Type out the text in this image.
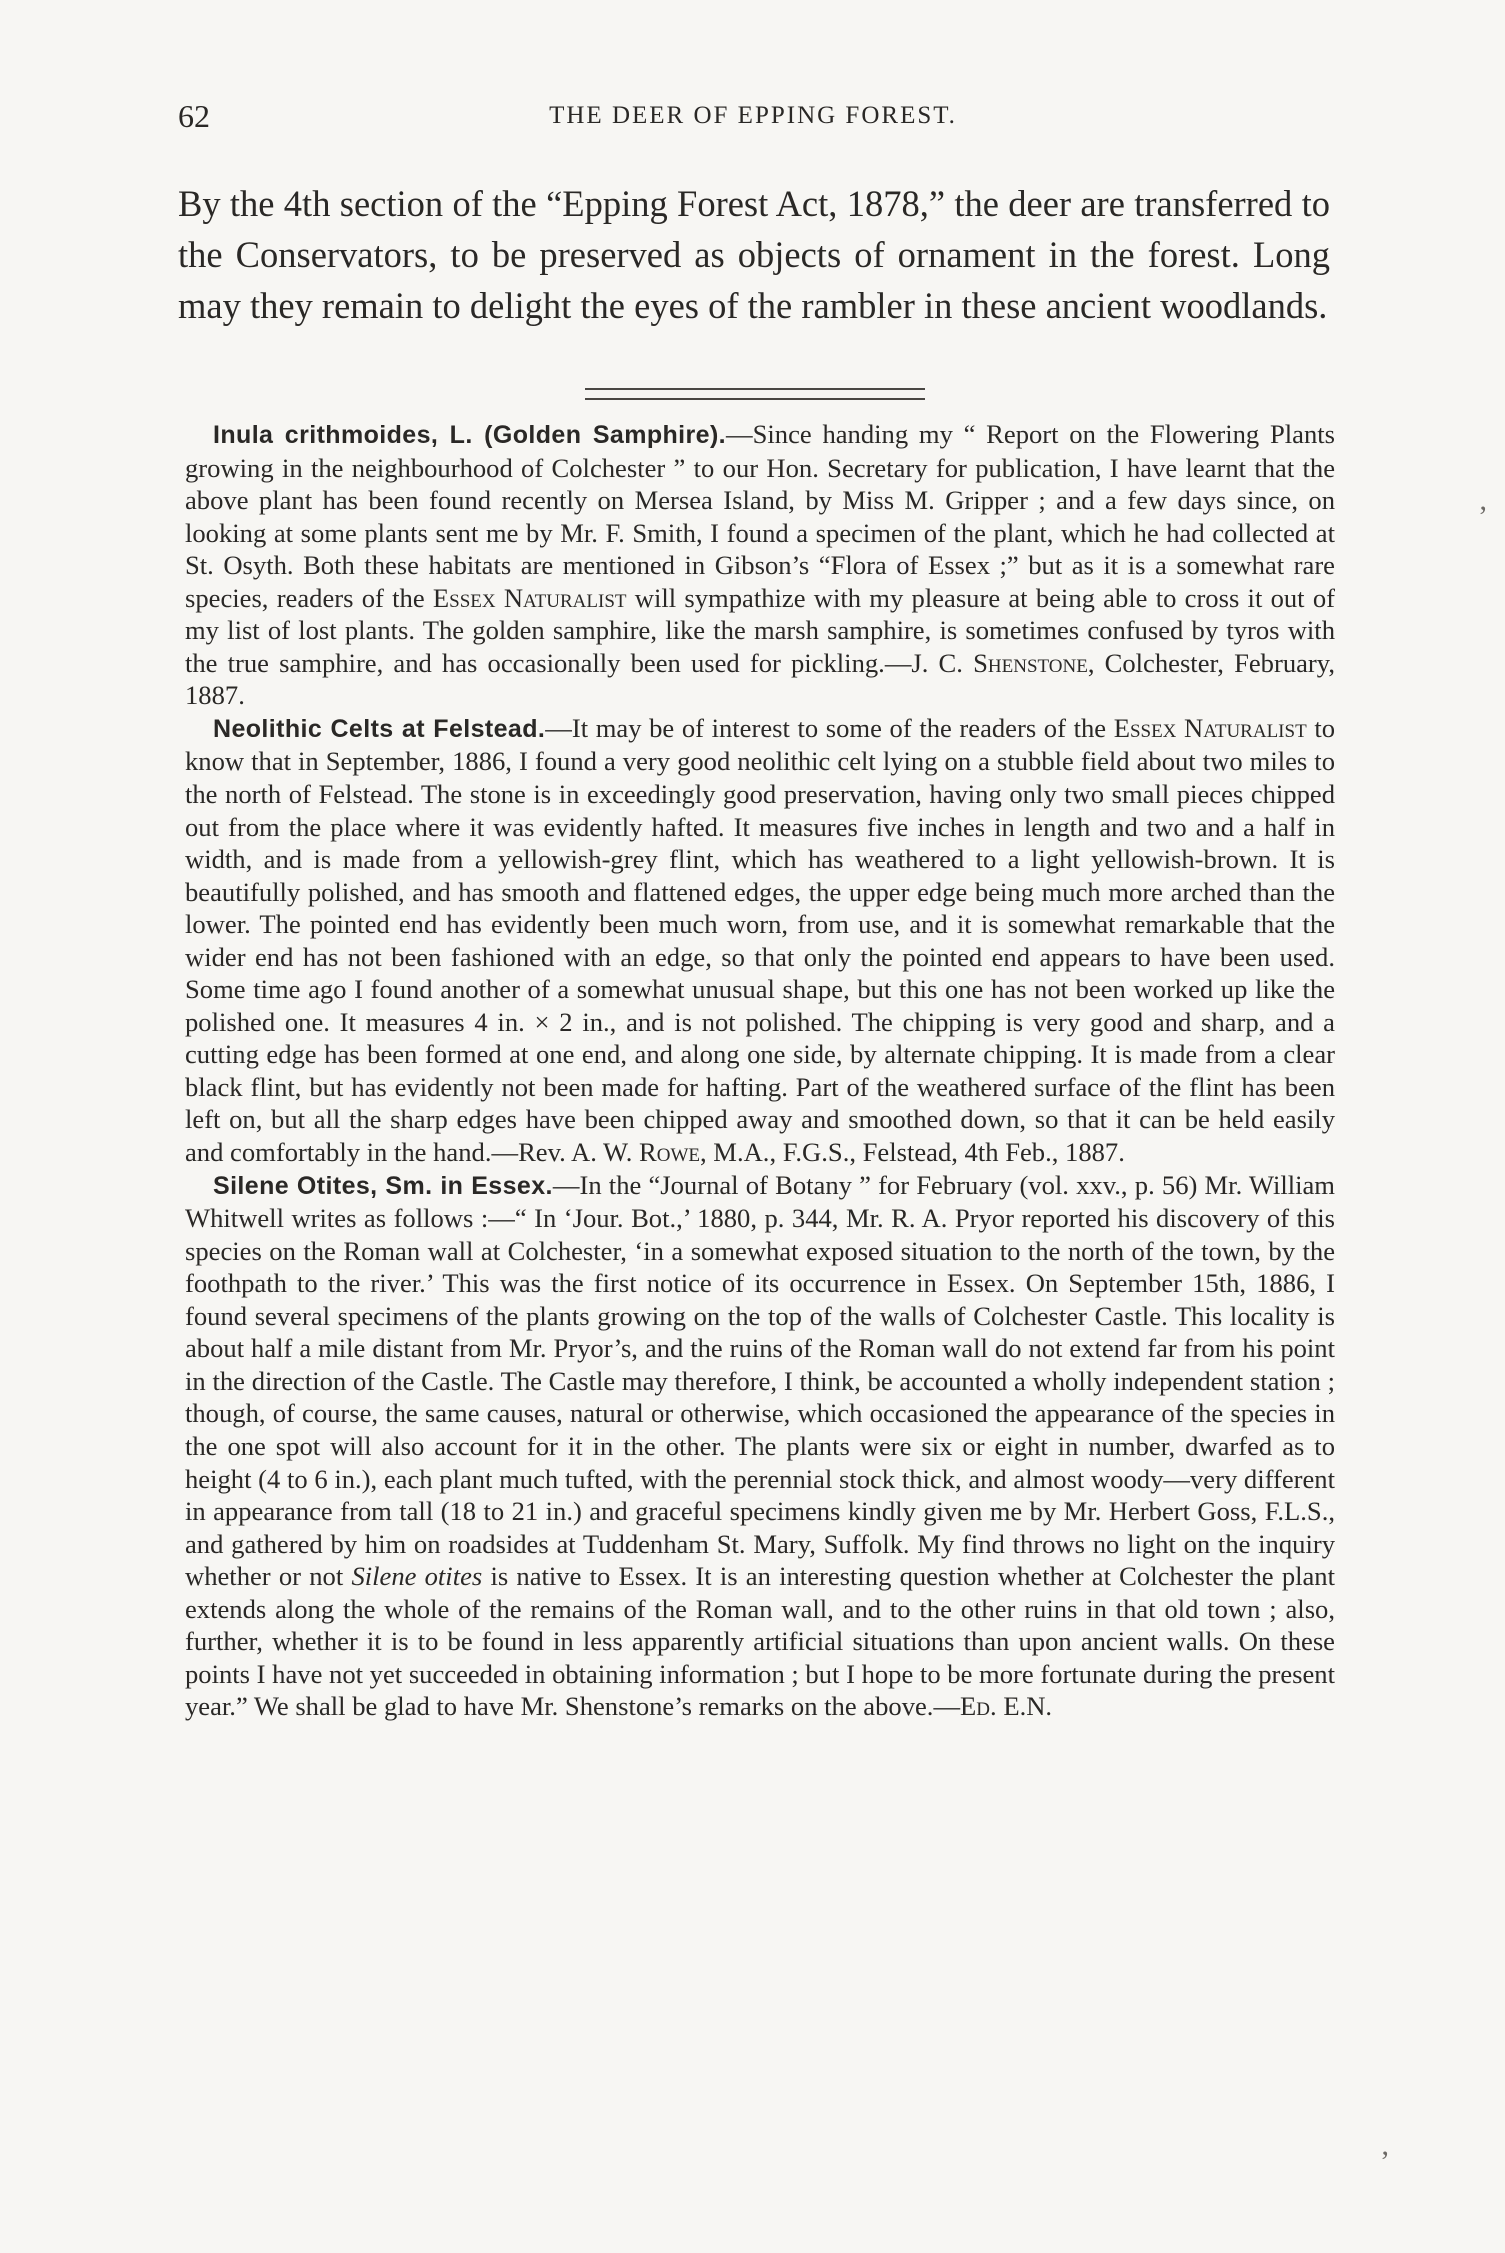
62	THE DEER OF EPPING FOREST.

By the 4th section of the “Epping Forest Act, 1878,” the deer are transferred to the Conservators, to be preserved as objects of ornament in the forest. Long may they remain to delight the eyes of the rambler in these ancient woodlands.

Inula crithmoides, L. (Golden Samphire).—Since handing my “ Report on the Flowering Plants growing in the neighbourhood of Colchester ” to our Hon. Secretary for publication, I have learnt that the above plant has been found recently on Mersea Island, by Miss M. Gripper ; and a few days since, on looking at some plants sent me by Mr. F. Smith, I found a specimen of the plant, which he had collected at St. Osyth. Both these habitats are mentioned in Gibson’s “Flora of Essex ;” but as it is a somewhat rare species, readers of the Essex Naturalist will sympathize with my pleasure at being able to cross it out of my list of lost plants. The golden samphire, like the marsh samphire, is sometimes confused by tyros with the true samphire, and has occasionally been used for pickling.—J. C. Shenstone, Colchester, February, 1887.

Neolithic Celts at Felstead.—It may be of interest to some of the readers of the Essex Naturalist to know that in September, 1886, I found a very good neolithic celt lying on a stubble field about two miles to the north of Felstead. The stone is in exceedingly good preservation, having only two small pieces chipped out from the place where it was evidently hafted. It measures five inches in length and two and a half in width, and is made from a yellowish-grey flint, which has weathered to a light yellowish-brown. It is beautifully polished, and has smooth and flattened edges, the upper edge being much more arched than the lower. The pointed end has evidently been much worn, from use, and it is somewhat remarkable that the wider end has not been fashioned with an edge, so that only the pointed end appears to have been used. Some time ago I found another of a somewhat unusual shape, but this one has not been worked up like the polished one. It measures 4 in. × 2 in., and is not polished. The chipping is very good and sharp, and a cutting edge has been formed at one end, and along one side, by alternate chipping. It is made from a clear black flint, but has evidently not been made for hafting. Part of the weathered surface of the flint has been left on, but all the sharp edges have been chipped away and smoothed down, so that it can be held easily and comfortably in the hand.—Rev. A. W. Rowe, M.A., F.G.S., Felstead, 4th Feb., 1887.

Silene Otites, Sm. in Essex.—In the “Journal of Botany ” for February (vol. xxv., p. 56) Mr. William Whitwell writes as follows :—“ In ‘Jour. Bot.,’ 1880, p. 344, Mr. R. A. Pryor reported his discovery of this species on the Roman wall at Colchester, ‘in a somewhat exposed situation to the north of the town, by the foothpath to the river.’ This was the first notice of its occurrence in Essex. On September 15th, 1886, I found several specimens of the plants growing on the top of the walls of Colchester Castle. This locality is about half a mile distant from Mr. Pryor’s, and the ruins of the Roman wall do not extend far from his point in the direction of the Castle. The Castle may therefore, I think, be accounted a wholly independent station ; though, of course, the same causes, natural or otherwise, which occasioned the appearance of the species in the one spot will also account for it in the other. The plants were six or eight in number, dwarfed as to height (4 to 6 in.), each plant much tufted, with the perennial stock thick, and almost woody—very different in appearance from tall (18 to 21 in.) and graceful specimens kindly given me by Mr. Herbert Goss, F.L.S., and gathered by him on roadsides at Tuddenham St. Mary, Suffolk. My find throws no light on the inquiry whether or not Silene otites is native to Essex. It is an interesting question whether at Colchester the plant extends along the whole of the remains of the Roman wall, and to the other ruins in that old town ; also, further, whether it is to be found in less apparently artificial situations than upon ancient walls. On these points I have not yet succeeded in obtaining information ; but I hope to be more fortunate during the present year.” We shall be glad to have Mr. Shenstone’s remarks on the above.—Ed. E.N.

’
’
